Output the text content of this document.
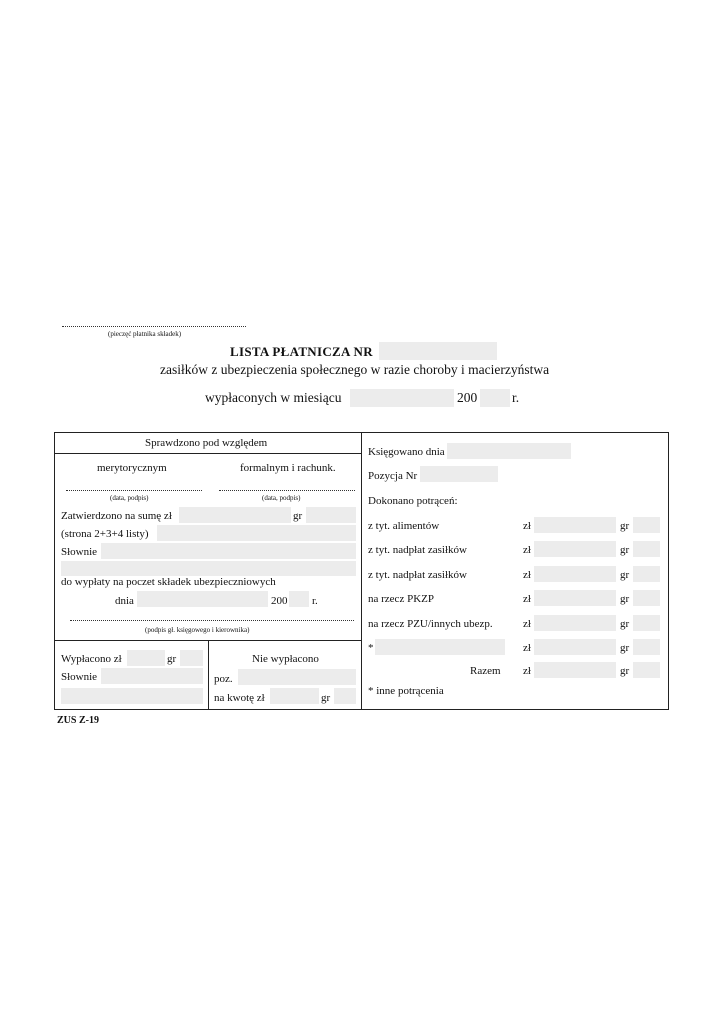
(pieczęć płatnika składek)
LISTA PŁATNICZA NR
zasiłków z ubezpieczenia społecznego w razie choroby i macierzyństwa
wypłaconych w miesiącu	200	r.
Sprawdzono pod względem
merytorycznym	formalnym i rachunk.
(data, podpis)	(data, podpis)
Zatwierdzono na sumę zł	gr
(strona 2+3+4 listy)
Słownie
do wypłaty na poczet składek ubezpieczniowych
dnia	200 r.
(podpis gł. księgowego i kierownika)
Wypłacono zł	gr
Słownie
Nie wypłacono
poz.
na kwotę zł	gr
Księgowano dnia
Pozycja Nr
Dokonano potrąceń:
z tyt. alimentów	zł	gr
z tyt. nadpłat zasiłków	zł	gr
z tyt. nadpłat zasiłków	zł	gr
na rzecz PKZP	zł	gr
na rzecz PZU/innych ubezp.	zł	gr
*	zł	gr
Razem zł	gr
* inne potrącenia
ZUS Z-19
